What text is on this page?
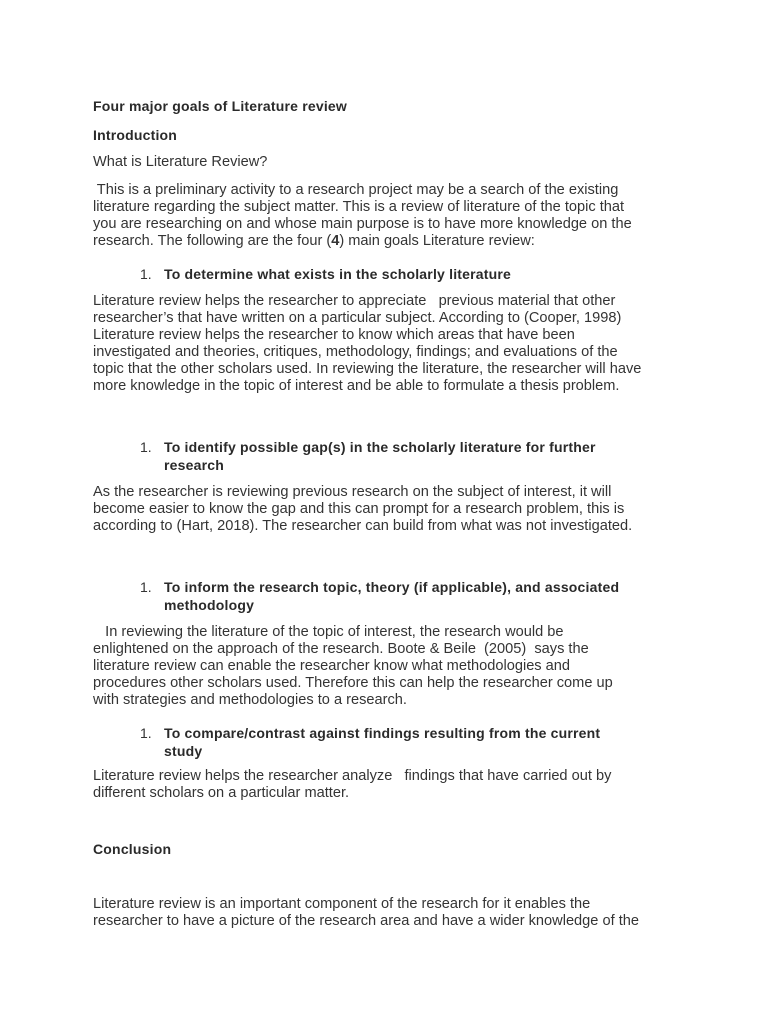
Four major goals of Literature review
Introduction
What is Literature Review?
This is a preliminary activity to a research project may be a search of the existing
literature regarding the subject matter. This is a review of literature of the topic that
you are researching on and whose main purpose is to have more knowledge on the
research. The following are the four (4) main goals Literature review:
1. To determine what exists in the scholarly literature
Literature review helps the researcher to appreciate   previous material that other
researcher’s that have written on a particular subject. According to (Cooper, 1998)
Literature review helps the researcher to know which areas that have been
investigated and theories, critiques, methodology, findings; and evaluations of the
topic that the other scholars used. In reviewing the literature, the researcher will have
more knowledge in the topic of interest and be able to formulate a thesis problem.
1. To identify possible gap(s) in the scholarly literature for further
research
As the researcher is reviewing previous research on the subject of interest, it will
become easier to know the gap and this can prompt for a research problem, this is
according to (Hart, 2018). The researcher can build from what was not investigated.
1. To inform the research topic, theory (if applicable), and associated
methodology
In reviewing the literature of the topic of interest, the research would be
enlightened on the approach of the research. Boote & Beile  (2005)  says the
literature review can enable the researcher know what methodologies and
procedures other scholars used. Therefore this can help the researcher come up
with strategies and methodologies to a research.
1. To compare/contrast against findings resulting from the current
study
Literature review helps the researcher analyze   findings that have carried out by
different scholars on a particular matter.
Conclusion
Literature review is an important component of the research for it enables the
researcher to have a picture of the research area and have a wider knowledge of the
